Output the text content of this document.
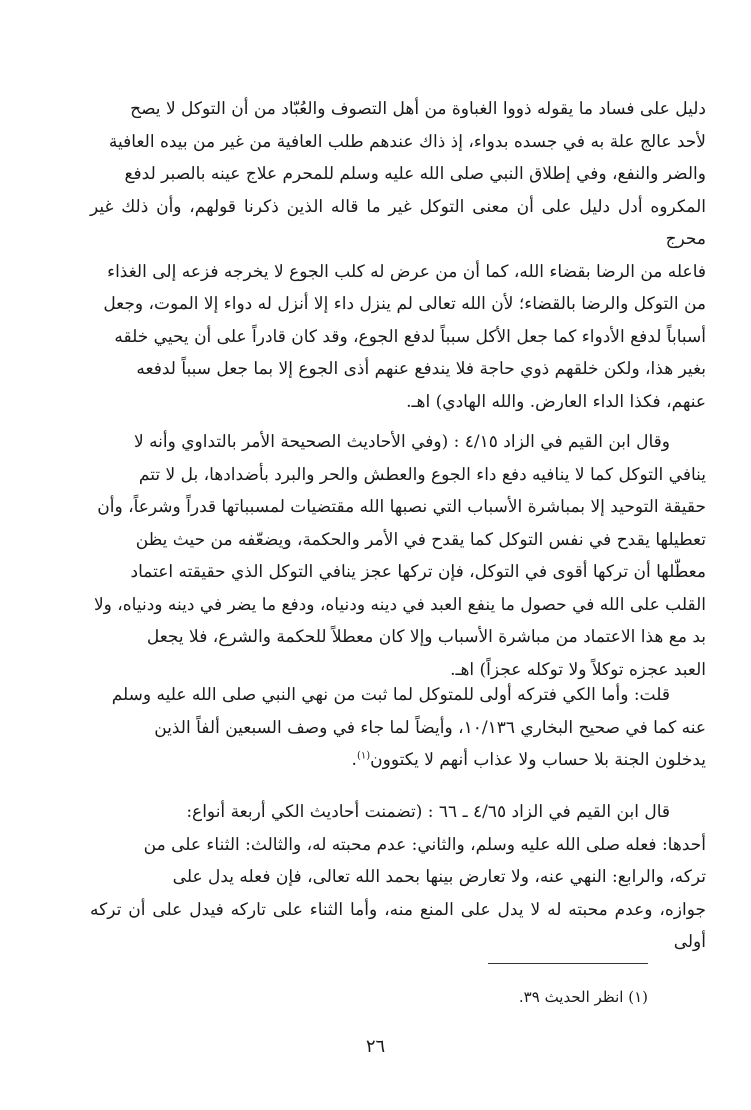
دليل على فساد ما يقوله ذووا الغباوة من أهل التصوف والعُبّاد من أن التوكل لا يصح

لأحد عالج علة به في جسده بدواء، إذ ذاك عندهم طلب العافية من غير من بيده العافية

والضر والنفع، وفي إطلاق النبي صلى الله عليه وسلم للمحرم علاج عينه بالصبر لدفع

المكروه أدل دليل على أن معنى التوكل غير ما قاله الذين ذكرنا قولهم، وأن ذلك غير محرج

فاعله من الرضا بقضاء الله، كما أن من عرض له كلب الجوع لا يخرجه فزعه إلى الغذاء

من التوكل والرضا بالقضاء؛ لأن الله تعالى لم ينزل داء إلا أنزل له دواء إلا الموت، وجعل

أسباباً لدفع الأدواء كما جعل الأكل سبباً لدفع الجوع، وقد كان قادراً على أن يحيي خلقه

بغير هذا، ولكن خلقهم ذوي حاجة فلا يندفع عنهم أذى الجوع إلا بما جعل سبباً لدفعه

عنهم، فكذا الداء العارض. والله الهادي) اهـ.

وقال ابن القيم في الزاد ٤/١٥ : (وفي الأحاديث الصحيحة الأمر بالتداوي وأنه لا

ينافي التوكل كما لا ينافيه دفع داء الجوع والعطش والحر والبرد بأضدادها، بل لا تتم

حقيقة التوحيد إلا بمباشرة الأسباب التي نصبها الله مقتضيات لمسبباتها قدراً وشرعاً، وأن

تعطيلها يقدح في نفس التوكل كما يقدح في الأمر والحكمة، ويضعّفه من حيث يظن

معطّلها أن تركها أقوى في التوكل، فإن تركها عجز ينافي التوكل الذي حقيقته اعتماد

القلب على الله في حصول ما ينفع العبد في دينه ودنياه، ودفع ما يضر في دينه ودنياه، ولا

بد مع هذا الاعتماد من مباشرة الأسباب وإلا كان معطلاً للحكمة والشرع، فلا يجعل

العبد عجزه توكلاً ولا توكله عجزاً) اهـ.

قلت: وأما الكي فتركه أولى للمتوكل لما ثبت من نهي النبي صلى الله عليه وسلم

عنه كما في صحيح البخاري ١٠/١٣٦، وأيضاً لما جاء في وصف السبعين ألفاً الذين

يدخلون الجنة بلا حساب ولا عذاب أنهم لا يكتوون$^{(١)}$.

قال ابن القيم في الزاد ٤/٦٥ ـ ٦٦ : (تضمنت أحاديث الكي أربعة أنواع:

أحدها: فعله صلى الله عليه وسلم، والثاني: عدم محبته له، والثالث: الثناء على من

تركه، والرابع: النهي عنه، ولا تعارض بينها بحمد الله تعالى، فإن فعله يدل على

جوازه، وعدم محبته له لا يدل على المنع منه، وأما الثناء على تاركه فيدل على أن تركه أولى

(١) انظر الحديث ٣٩.
٢٦
